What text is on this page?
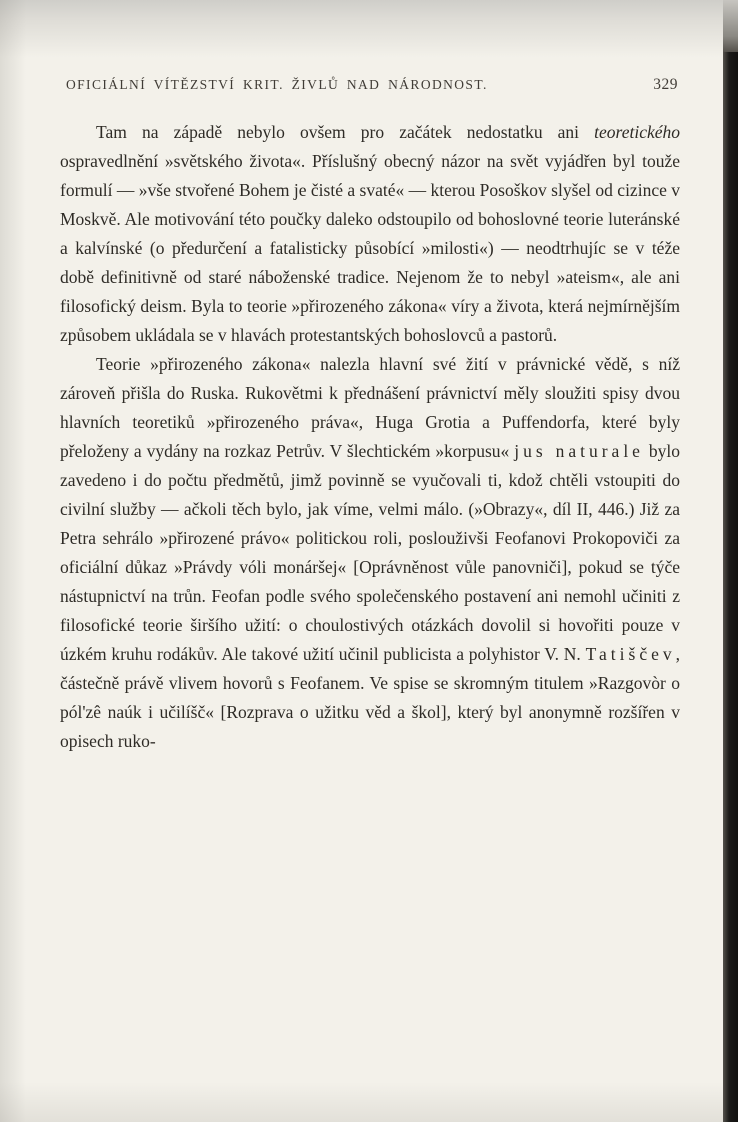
OFICIÁLNÍ VÍTĚZSTVÍ KRIT. ŽIVLŮ NAD NÁRODNOST.	329

Tam na západě nebylo ovšem pro začátek nedostatku ani teoretického ospravedlnění »světského života«. Příslušný obecný názor na svět vyjádřen byl touže formulí — »vše stvořené Bohem je čisté a svaté« — kterou Posoškov slyšel od cizince v Moskvě. Ale motivování této poučky daleko odstoupilo od bohoslovné teorie luteránské a kalvínské (o předurčení a fatalisticky působící »milosti«) — neodtrhujíc se v téže době definitivně od staré náboženské tradice. Nejenom že to nebyl »ateism«, ale ani filosofický deism. Byla to teorie »přirozeného zákona« víry a života, která nejmírnějším způsobem ukládala se v hlavách protestantských bohoslovců a pastorů.

Teorie »přirozeného zákona« nalezla hlavní své žití v právnické vědě, s níž zároveň přišla do Ruska. Rukovětmi k přednášení právnictví měly sloužiti spisy dvou hlavních teoretiků »přirozeného práva«, Huga Grotia a Puffendorfa, které byly přeloženy a vydány na rozkaz Petrův. V šlechtickém »korpusu« jus naturale bylo zavedeno i do počtu předmětů, jimž povinně se vyučovali ti, kdož chtěli vstoupiti do civilní služby — ačkoli těch bylo, jak víme, velmi málo. (»Obrazy«, díl II, 446.) Již za Petra sehrálo »přirozené právo« politickou roli, poslouživši Feofanovi Prokopoviči za oficiální důkaz »Právdy vóli monáršej« [Oprávněnost vůle panovniči], pokud se týče nástupnictví na trůn. Feofan podle svého společenského postavení ani nemohl učiniti z filosofické teorie širšího užití: o choulostivých otázkách dovolil si hovořiti pouze v úzkém kruhu rodákův. Ale takové užití učinil publicista a polyhistor V. N. Tatiščev, částečně právě vlivem hovorů s Feofanem. Ve spise se skromným titulem »Razgovòr o pól'zê naúk i učilíšč« [Rozprava o užitku věd a škol], který byl anonymně rozšířen v opisech ruko-
